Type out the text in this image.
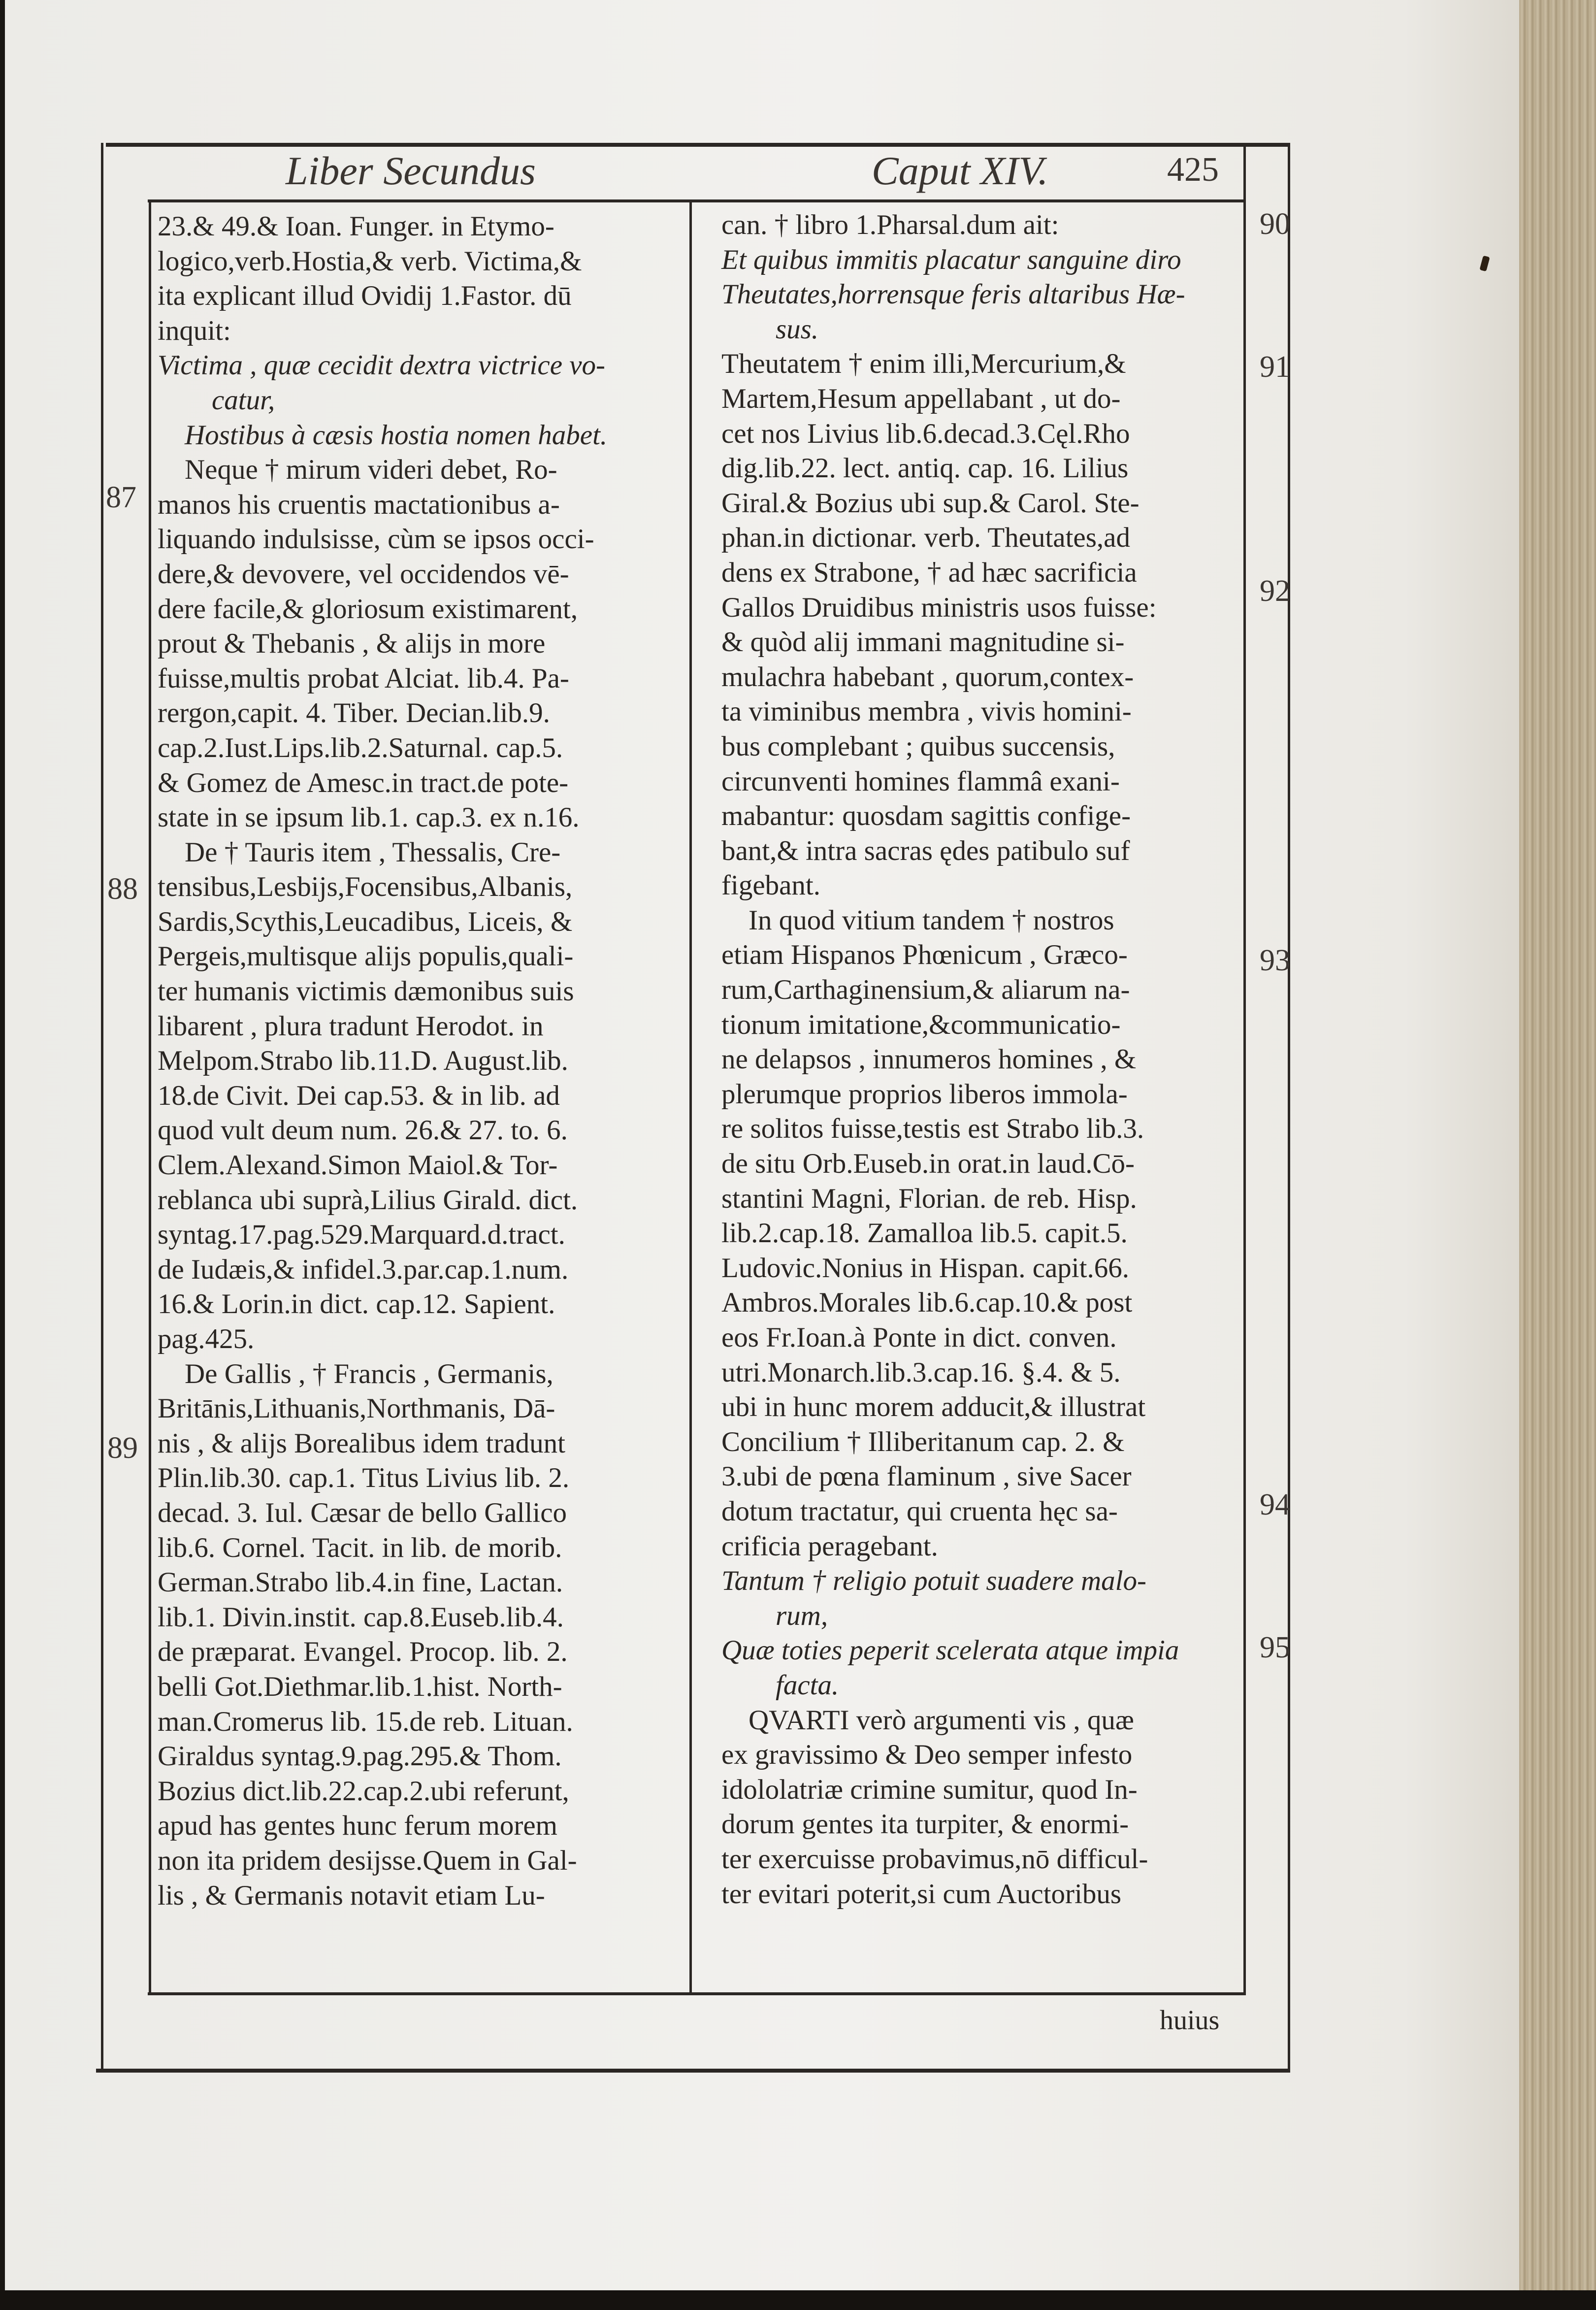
Liber Secundus	Caput XIV.	425
23.& 49.& Ioan. Funger. in Etymo-
logico,verb.Hostia,& verb. Victima,&
ita explicant illud Ovidij 1.Fastor. dū
inquit:
Victima , quæ cecidit dextra victrice vo-
catur,
Hostibus à cæsis hostia nomen habet.
Neque † mirum videri debet, Ro-
manos his cruentis mactationibus a-
liquando indulsisse, cùm se ipsos occi-
dere,& devovere, vel occidendos vē-
dere facile,& gloriosum existimarent,
prout & Thebanis , & alijs in more
fuisse,multis probat Alciat. lib.4. Pa-
rergon,capit. 4. Tiber. Decian.lib.9.
cap.2.Iust.Lips.lib.2.Saturnal. cap.5.
& Gomez de Amesc.in tract.de pote-
state in se ipsum lib.1. cap.3. ex n.16.
De † Tauris item , Thessalis, Cre-
tensibus,Lesbijs,Focensibus,Albanis,
Sardis,Scythis,Leucadibus, Liceis, &
Pergeis,multisque alijs populis,quali-
ter humanis victimis dæmonibus suis
libarent , plura tradunt Herodot. in
Melpom.Strabo lib.11.D. August.lib.
18.de Civit. Dei cap.53. & in lib. ad
quod vult deum num. 26.& 27. to. 6.
Clem.Alexand.Simon Maiol.& Tor-
reblanca ubi suprà,Lilius Girald. dict.
syntag.17.pag.529.Marquard.d.tract.
de Iudæis,& infidel.3.par.cap.1.num.
16.& Lorin.in dict. cap.12. Sapient.
pag.425.
De Gallis , † Francis , Germanis,
Britānis,Lithuanis,Northmanis, Dā-
nis , & alijs Borealibus idem tradunt
Plin.lib.30. cap.1. Titus Livius lib. 2.
decad. 3. Iul. Cæsar de bello Gallico
lib.6. Cornel. Tacit. in lib. de morib.
German.Strabo lib.4.in fine, Lactan.
lib.1. Divin.instit. cap.8.Euseb.lib.4.
de præparat. Evangel. Procop. lib. 2.
belli Got.Diethmar.lib.1.hist. North-
man.Cromerus lib. 15.de reb. Lituan.
Giraldus syntag.9.pag.295.& Thom.
Bozius dict.lib.22.cap.2.ubi referunt,
apud has gentes hunc ferum morem
non ita pridem desijsse.Quem in Gal-
lis , & Germanis notavit etiam Lu-
can. † libro 1.Pharsal.dum ait:
Et quibus immitis placatur sanguine diro
Theutates,horrensque feris altaribus Hæ-
sus.
Theutatem † enim illi,Mercurium,&
Martem,Hesum appellabant , ut do-
cet nos Livius lib.6.decad.3.Cęl.Rho
dig.lib.22. lect. antiq. cap. 16. Lilius
Giral.& Bozius ubi sup.& Carol. Ste-
phan.in dictionar. verb. Theutates,ad
dens ex Strabone, † ad hæc sacrificia
Gallos Druidibus ministris usos fuisse:
& quòd alij immani magnitudine si-
mulachra habebant , quorum,contex-
ta viminibus membra , vivis homini-
bus complebant ; quibus succensis,
circunventi homines flammâ exani-
mabantur: quosdam sagittis confige-
bant,& intra sacras ędes patibulo suf
figebant.
In quod vitium tandem † nostros
etiam Hispanos Phœnicum , Græco-
rum,Carthaginensium,& aliarum na-
tionum imitatione,&communicatio-
ne delapsos , innumeros homines , &
plerumque proprios liberos immola-
re solitos fuisse,testis est Strabo lib.3.
de situ Orb.Euseb.in orat.in laud.Cō-
stantini Magni, Florian. de reb. Hisp.
lib.2.cap.18. Zamalloa lib.5. capit.5.
Ludovic.Nonius in Hispan. capit.66.
Ambros.Morales lib.6.cap.10.& post
eos Fr.Ioan.à Ponte in dict. conven.
utri.Monarch.lib.3.cap.16. §.4. & 5.
ubi in hunc morem adducit,& illustrat
Concilium † Illiberitanum cap. 2. &
3.ubi de pœna flaminum , sive Sacer
dotum tractatur, qui cruenta hęc sa-
crificia peragebant.
Tantum † religio potuit suadere malo-
rum,
Quæ toties peperit scelerata atque impia
facta.
QVARTI verò argumenti vis , quæ
ex gravissimo & Deo semper infesto
idololatriæ crimine sumitur, quod In-
dorum gentes ita turpiter, & enormi-
ter exercuisse probavimus,nō difficul-
ter evitari poterit,si cum Auctoribus
87
88
89
90
91
92
93
94
95
huius
